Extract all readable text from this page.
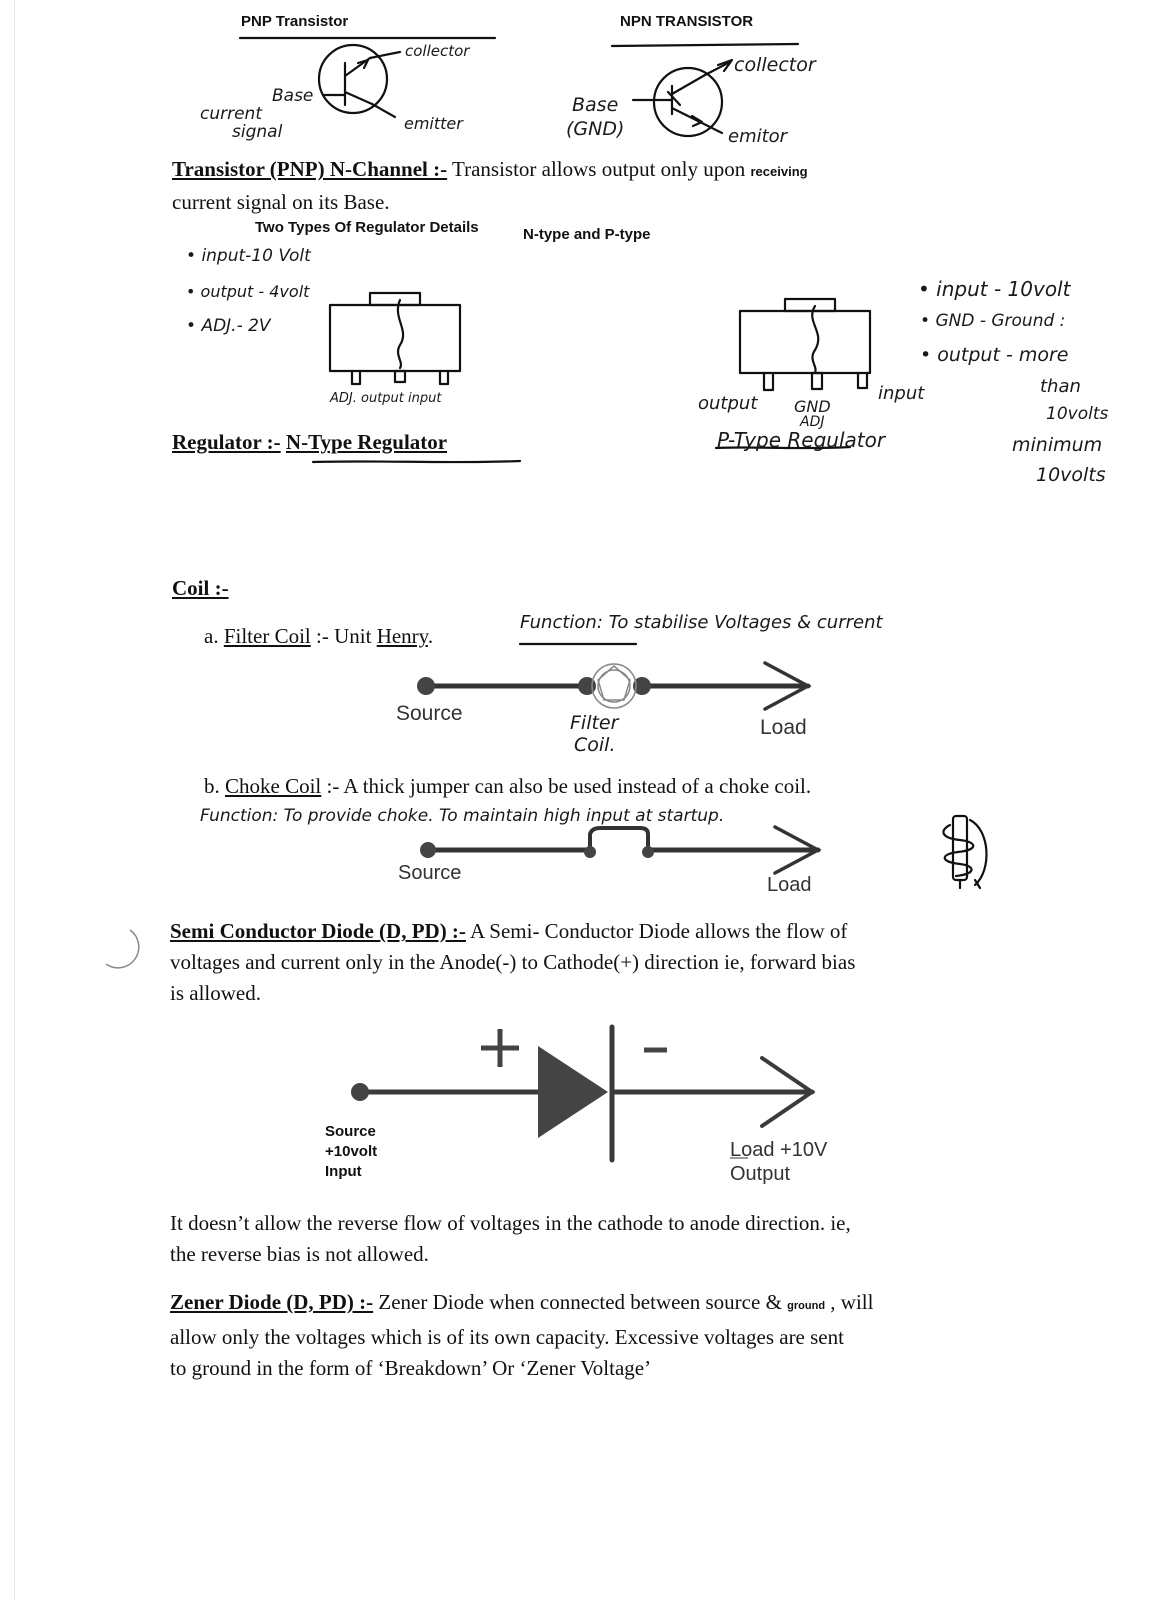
PNP Transistor	NPN TRANSISTOR
collector
Base
current
signal	emitter
collector
Base
(GND)	emitor
Transistor (PNP) N-Channel :- Transistor allows output only upon receiving
current signal on its Base.
Two Types Of Regulator Details	N-type and P-type
• input-10 Volt
• output - 4volt
• ADJ.- 2V
ADJ. output input
• input - 10volt
• GND - Ground :
• output - more
than
10volts
minimum
10volts
output GND
ADJ
input
P-Type Regulator
Regulator :- N-Type Regulator
Coil :-
a. Filter Coil :- Unit Henry.
Function: To stabilise Voltages & current
Source	Filter
Coil.
Load
b. Choke Coil :- A thick jumper can also be used instead of a choke coil.
Function: To provide choke. To maintain high input at startup.
Source
Load
Semi Conductor Diode (D, PD) :- A Semi- Conductor Diode allows the flow of
voltages and current only in the Anode(-) to Cathode(+) direction ie, forward bias
is allowed.
Source
+10volt
Input
Load +10V
Output
It doesn’t allow the reverse flow of voltages in the cathode to anode direction. ie,
the reverse bias is not allowed.
Zener Diode (D, PD) :- Zener Diode when connected between source & ground , will
allow only the voltages which is of its own capacity. Excessive voltages are sent
to ground in the form of ‘Breakdown’ Or ‘Zener Voltage’
